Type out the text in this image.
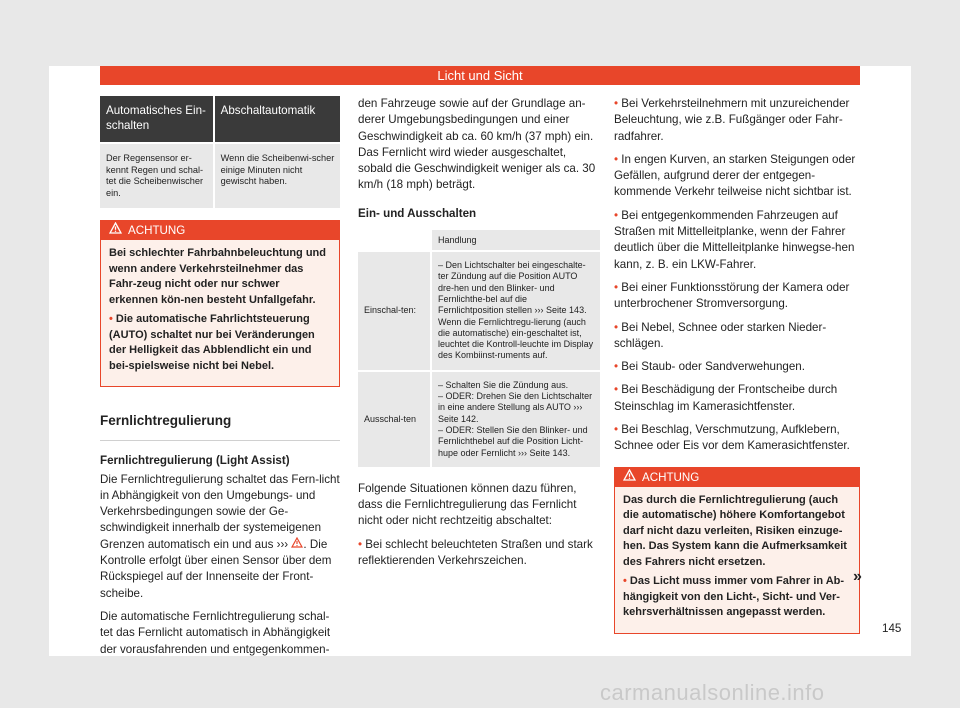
Licht und Sicht
Automatisches Ein-schalten	Abschaltautomatik
Der Regensensor er-kennt Regen und schal-tet die Scheibenwischer ein.	Wenn die Scheibenwi-scher einige Minuten nicht gewischt haben.
ACHTUNG

Bei schlechter Fahrbahnbeleuchtung und wenn andere Verkehrsteilnehmer das Fahr-zeug nicht oder nur schwer erkennen kön-nen besteht Unfallgefahr.

• Die automatische Fahrlichtsteuerung (AUTO) schaltet nur bei Veränderungen der Helligkeit das Abblendlicht ein und bei-spielsweise nicht bei Nebel.

Fernlichtregulierung
Fernlichtregulierung (Light Assist)

Die Fernlichtregulierung schaltet das Fern-licht in Abhängigkeit von den Umgebungs- und Verkehrsbedingungen sowie der Ge-schwindigkeit innerhalb der systemeigenen Grenzen automatisch ein und aus ››› . Die Kontrolle erfolgt über einen Sensor über dem Rückspiegel auf der Innenseite der Front-scheibe.

Die automatische Fernlichtregulierung schal-tet das Fernlicht automatisch in Abhängigkeit der vorausfahrenden und entgegenkommen-

den Fahrzeuge sowie auf der Grundlage an-derer Umgebungsbedingungen und einer Geschwindigkeit ab ca. 60 km/h (37 mph) ein. Das Fernlicht wird wieder ausgeschaltet, sobald die Geschwindigkeit weniger als ca. 30 km/h (18 mph) beträgt.

Ein- und Ausschalten
	Handlung
Einschal-ten:	– Den Lichtschalter bei eingeschalte-ter Zündung auf die Position AUTO dre-hen und den Blinker- und Fernlichthe-bel auf die Fernlichtposition stellen ››› Seite 143. Wenn die Fernlichtregu-lierung (auch die automatische) ein-geschaltet ist, leuchtet die Kontroll-leuchte im Display des Kombiinst-ruments auf.
Ausschal-ten	– Schalten Sie die Zündung aus.
– ODER: Drehen Sie den Lichtschalter in eine andere Stellung als AUTO ››› Seite 142.
– ODER: Stellen Sie den Blinker- und Fernlichthebel auf die Position Licht-hupe oder Fernlicht ››› Seite 143.

Folgende Situationen können dazu führen, dass die Fernlichtregulierung das Fernlicht nicht oder nicht rechtzeitig abschaltet:

• Bei schlecht beleuchteten Straßen und stark reflektierenden Verkehrszeichen.

• Bei Verkehrsteilnehmern mit unzureichender Beleuchtung, wie z.B. Fußgänger oder Fahr-radfahrer.

• In engen Kurven, an starken Steigungen oder Gefällen, aufgrund derer der entgegen-kommende Verkehr teilweise nicht sichtbar ist.

• Bei entgegenkommenden Fahrzeugen auf Straßen mit Mittelleitplanke, wenn der Fahrer deutlich über die Mittelleitplanke hinwegse-hen kann, z. B. ein LKW-Fahrer.

• Bei einer Funktionsstörung der Kamera oder unterbrochener Stromversorgung.

• Bei Nebel, Schnee oder starken Nieder-schlägen.

• Bei Staub- oder Sandverwehungen.

• Bei Beschädigung der Frontscheibe durch Steinschlag im Kamerasichtfenster.

• Bei Beschlag, Verschmutzung, Aufklebern, Schnee oder Eis vor dem Kamerasichtfenster.

ACHTUNG

Das durch die Fernlichtregulierung (auch die automatische) höhere Komfortangebot darf nicht dazu verleiten, Risiken einzuge-hen. Das System kann die Aufmerksamkeit des Fahrers nicht ersetzen.

• Das Licht muss immer vom Fahrer in Ab-hängigkeit von den Licht-, Sicht- und Ver-kehrsverhältnissen angepasst werden.

»
145
carmanualsonline.info
